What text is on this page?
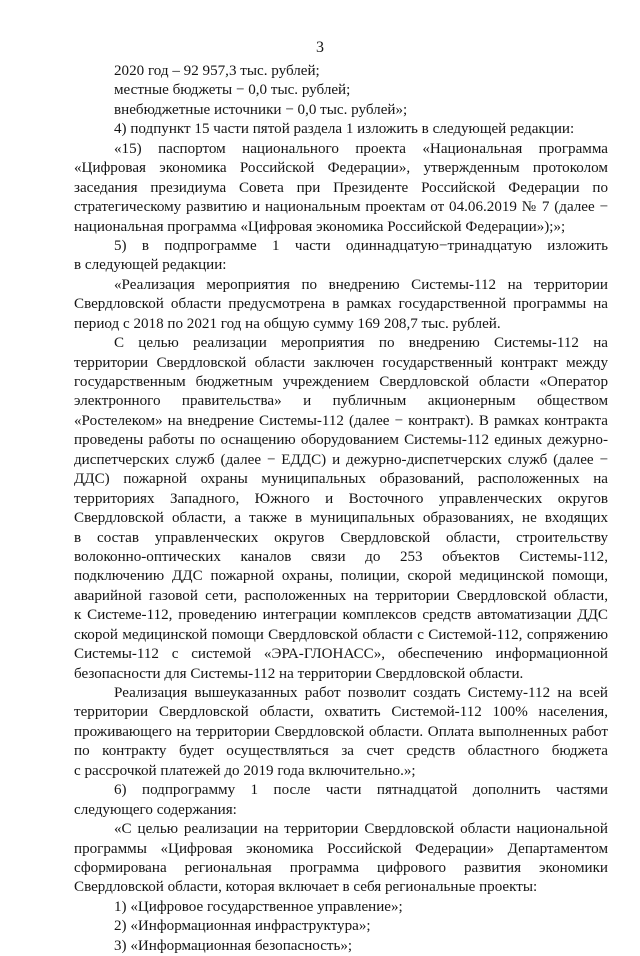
3
2020 год – 92 957,3 тыс. рублей;
местные бюджеты − 0,0 тыс. рублей;
внебюджетные источники − 0,0 тыс. рублей»;
4) подпункт 15 части пятой раздела 1 изложить в следующей редакции:
«15) паспортом национального проекта «Национальная программа
«Цифровая экономика Российской Федерации», утвержденным протоколом
заседания президиума Совета при Президенте Российской Федерации по
стратегическому развитию и национальным проектам от 04.06.2019 № 7 (далее −
национальная программа «Цифровая экономика Российской Федерации»);»;
5) в подпрограмме 1 части одиннадцатую−тринадцатую изложить
в следующей редакции:
«Реализация мероприятия по внедрению Системы-112 на территории
Свердловской области предусмотрена в рамках государственной программы на
период с 2018 по 2021 год на общую сумму 169 208,7 тыс. рублей.
С целью реализации мероприятия по внедрению Системы-112 на
территории Свердловской области заключен государственный контракт между
государственным бюджетным учреждением Свердловской области «Оператор
электронного правительства» и публичным акционерным обществом
«Ростелеком» на внедрение Системы-112 (далее − контракт). В рамках контракта
проведены работы по оснащению оборудованием Системы-112 единых дежурно-
диспетчерских служб (далее − ЕДДС) и дежурно-диспетчерских служб (далее −
ДДС) пожарной охраны муниципальных образований, расположенных на
территориях Западного, Южного и Восточного управленческих округов
Свердловской области, а также в муниципальных образованиях, не входящих
в состав управленческих округов Свердловской области, строительству
волоконно-оптических каналов связи до 253 объектов Системы-112,
подключению ДДС пожарной охраны, полиции, скорой медицинской помощи,
аварийной газовой сети, расположенных на территории Свердловской области,
к Системе-112, проведению интеграции комплексов средств автоматизации ДДС
скорой медицинской помощи Свердловской области с Системой-112, сопряжению
Системы-112 с системой «ЭРА-ГЛОНАСС», обеспечению информационной
безопасности для Системы-112 на территории Свердловской области.
Реализация вышеуказанных работ позволит создать Систему-112 на всей
территории Свердловской области, охватить Системой-112 100% населения,
проживающего на территории Свердловской области. Оплата выполненных работ
по контракту будет осуществляться за счет средств областного бюджета
с рассрочкой платежей до 2019 года включительно.»;
6) подпрограмму 1 после части пятнадцатой дополнить частями
следующего содержания:
«С целью реализации на территории Свердловской области национальной
программы «Цифровая экономика Российской Федерации» Департаментом
сформирована региональная программа цифрового развития экономики
Свердловской области, которая включает в себя региональные проекты:
1) «Цифровое государственное управление»;
2) «Информационная инфраструктура»;
3) «Информационная безопасность»;
